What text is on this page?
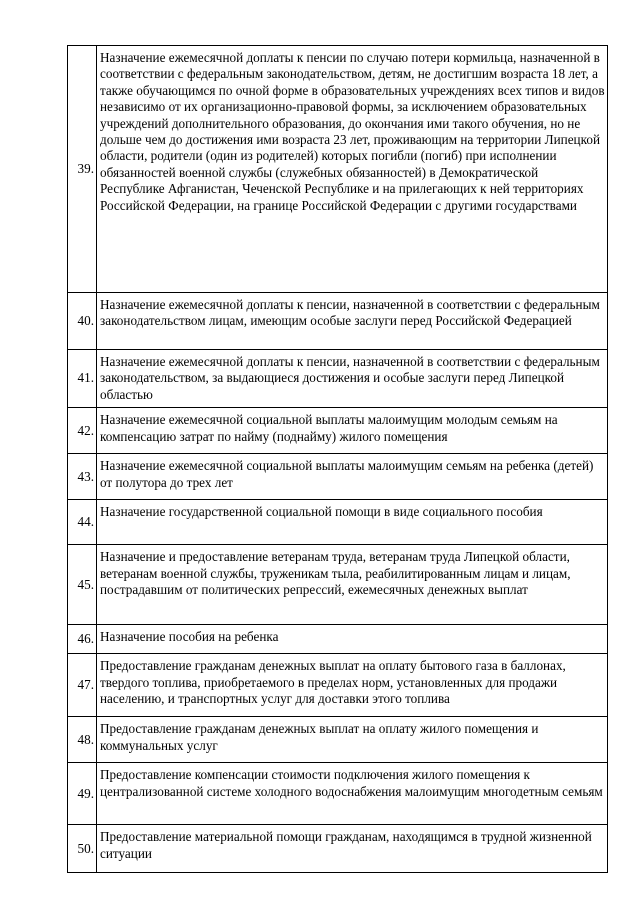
39.	Назначение ежемесячной доплаты к пенсии по случаю потери кормильца, назначенной в соответствии с федеральным законодательством, детям, не достигшим возраста 18 лет, а также обучающимся по очной форме в образовательных учреждениях всех типов и видов независимо от их организационно-правовой формы, за исключением образовательных учреждений дополнительного образования, до окончания ими такого обучения, но не дольше чем до достижения ими возраста 23 лет, проживающим на территории Липецкой области, родители (один из родителей) которых погибли (погиб) при исполнении обязанностей военной службы (служебных обязанностей) в Демократической Республике Афганистан, Чеченской Республике и на прилегающих к ней территориях Российской Федерации, на границе Российской Федерации с другими государствами
40.	Назначение ежемесячной доплаты к пенсии, назначенной в соответствии с федеральным законодательством лицам, имеющим особые заслуги перед Российской Федерацией
41.	Назначение ежемесячной доплаты к пенсии, назначенной в соответствии с федеральным законодательством, за выдающиеся достижения и особые заслуги перед Липецкой областью
42.	Назначение ежемесячной социальной выплаты малоимущим молодым семьям на компенсацию затрат по найму (поднайму) жилого помещения
43.	Назначение ежемесячной социальной выплаты малоимущим семьям на ребенка (детей) от полутора до трех лет
44.	Назначение государственной социальной помощи в виде социального пособия
45.	Назначение и предоставление ветеранам труда, ветеранам труда Липецкой области, ветеранам военной службы, труженикам тыла, реабилитированным лицам и лицам, пострадавшим от политических репрессий, ежемесячных денежных выплат
46.	Назначение пособия на ребенка
47.	Предоставление гражданам денежных выплат на оплату бытового газа в баллонах, твердого топлива, приобретаемого в пределах норм, установленных для продажи населению, и транспортных услуг для доставки этого топлива
48.	Предоставление гражданам денежных выплат на оплату жилого помещения и коммунальных услуг
49.	Предоставление компенсации стоимости подключения жилого помещения к централизованной системе холодного водоснабжения малоимущим многодетным семьям
50.	Предоставление материальной помощи гражданам, находящимся в трудной жизненной ситуации
